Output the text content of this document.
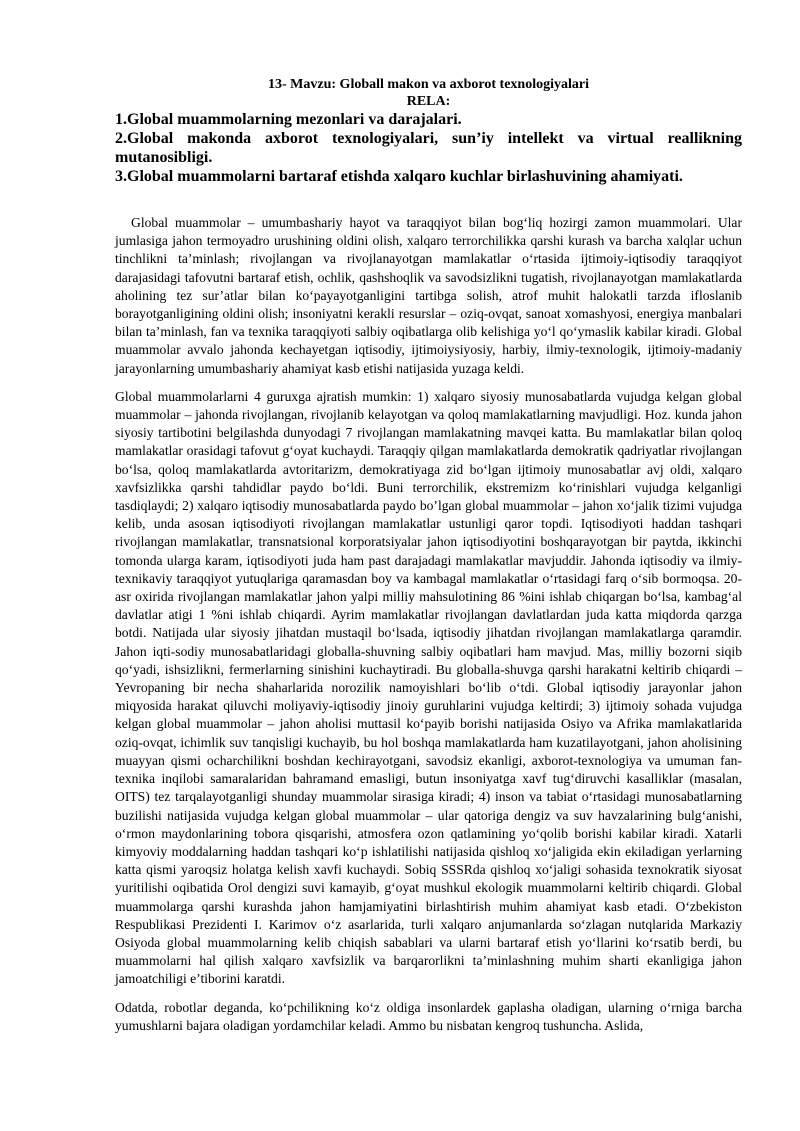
13- Mavzu: Globall makon va axborot texnologiyalari

RELA:

1.Global muammolarning mezonlari va darajalari.

2.Global makonda axborot texnologiyalari, sun’iy intellekt va virtual reallikning mutanosibligi.

3.Global muammolarni bartaraf etishda xalqaro kuchlar birlashuvining ahamiyati.

Global muammolar – umumbashariy hayot va taraqqiyot bilan bog‘liq hozirgi zamon muammolari. Ular jumlasiga jahon termoyadro urushining oldini olish, xalqaro terrorchilikka qarshi kurash va barcha xalqlar uchun tinchlikni ta’minlash; rivojlangan va rivojlanayotgan mamlakatlar o‘rtasida ijtimoiy-iqtisodiy taraqqiyot darajasidagi tafovutni bartaraf etish, ochlik, qashshoqlik va savodsizlikni tugatish, rivojlanayotgan mamlakatlarda aholining tez sur’atlar bilan ko‘payayotganligini tartibga solish, atrof muhit halokatli tarzda ifloslanib borayotganligining oldini olish; insoniyatni kerakli resurslar – oziq-ovqat, sanoat xomashyosi, energiya manbalari bilan ta’minlash, fan va texnika taraqqiyoti salbiy oqibatlarga olib kelishiga yo‘l qo‘ymaslik kabilar kiradi. Global muammolar avvalo jahonda kechayetgan iqtisodiy, ijtimoiysiyosiy, harbiy, ilmiy-texnologik, ijtimoiy-madaniy jarayonlarning umumbashariy ahamiyat kasb etishi natijasida yuzaga keldi.

Global muammolarlarni 4 guruxga ajratish mumkin: 1) xalqaro siyosiy munosabatlarda vujudga kelgan global muammolar – jahonda rivojlangan, rivojlanib kelayotgan va qoloq mamlakatlarning mavjudligi. Hoz. kunda jahon siyosiy tartibotini belgilashda dunyodagi 7 rivojlangan mamlakatning mavqei katta. Bu mamlakatlar bilan qoloq mamlakatlar orasidagi tafovut g‘oyat kuchaydi. Taraqqiy qilgan mamlakatlarda demokratik qadriyatlar rivojlangan bo‘lsa, qoloq mamlakatlarda avtoritarizm, demokratiyaga zid bo‘lgan ijtimoiy munosabatlar avj oldi, xalqaro xavfsizlikka qarshi tahdidlar paydo bo‘ldi. Buni terrorchilik, ekstremizm ko‘rinishlari vujudga kelganligi tasdiqlaydi; 2) xalqaro iqtisodiy munosabatlarda paydo bo’lgan global muammolar – jahon xo‘jalik tizimi vujudga kelib, unda asosan iqtisodiyoti rivojlangan mamlakatlar ustunligi qaror topdi. Iqtisodiyoti haddan tashqari rivojlangan mamlakatlar, transnatsional korporatsiyalar jahon iqtisodiyotini boshqarayotgan bir paytda, ikkinchi tomonda ularga karam, iqtisodiyoti juda ham past darajadagi mamlakatlar mavjuddir. Jahonda iqtisodiy va ilmiy-texnikaviy taraqqiyot yutuqlariga qaramasdan boy va kambagal mamlakatlar o‘rtasidagi farq o‘sib bormoqsa. 20-asr oxirida rivojlangan mamlakatlar jahon yalpi milliy mahsulotining 86 %ini ishlab chiqargan bo‘lsa, kambag‘al davlatlar atigi 1 %ni ishlab chiqardi. Ayrim mamlakatlar rivojlangan davlatlardan juda katta miqdorda qarzga botdi. Natijada ular siyosiy jihatdan mustaqil bo‘lsada, iqtisodiy jihatdan rivojlangan mamlakatlarga qaramdir. Jahon iqti-sodiy munosabatlaridagi globalla-shuvning salbiy oqibatlari ham mavjud. Mas, milliy bozorni siqib qo‘yadi, ishsizlikni, fermerlarning sinishini kuchaytiradi. Bu globalla-shuvga qarshi harakatni keltirib chiqardi – Yevropaning bir necha shaharlarida norozilik namoyishlari bo‘lib o‘tdi. Global iqtisodiy jarayonlar jahon miqyosida harakat qiluvchi moliyaviy-iqtisodiy jinoiy guruhlarini vujudga keltirdi; 3) ijtimoiy sohada vujudga kelgan global muammolar – jahon aholisi muttasil ko‘payib borishi natijasida Osiyo va Afrika mamlakatlarida oziq-ovqat, ichimlik suv tanqisligi kuchayib, bu hol boshqa mamlakatlarda ham kuzatilayotgani, jahon aholisining muayyan qismi ocharchilikni boshdan kechirayotgani, savodsiz ekanligi, axborot-texnologiya va umuman fan-texnika inqilobi samaralaridan bahramand emasligi, butun insoniyatga xavf tug‘diruvchi kasalliklar (masalan, OITS) tez tarqalayotganligi shunday muammolar sirasiga kiradi; 4) inson va tabiat o‘rtasidagi munosabatlarning buzilishi natijasida vujudga kelgan global muammolar – ular qatoriga dengiz va suv havzalarining bulg‘anishi, o‘rmon maydonlarining tobora qisqarishi, atmosfera ozon qatlamining yo‘qolib borishi kabilar kiradi. Xatarli kimyoviy moddalarning haddan tashqari ko‘p ishlatilishi natijasida qishloq xo‘jaligida ekin ekiladigan yerlarning katta qismi yaroqsiz holatga kelish xavfi kuchaydi. Sobiq SSSRda qishloq xo‘jaligi sohasida texnokratik siyosat yuritilishi oqibatida Orol dengizi suvi kamayib, g‘oyat mushkul ekologik muammolarni keltirib chiqardi. Global muammolarga qarshi kurashda jahon hamjamiyatini birlashtirish muhim ahamiyat kasb etadi. O‘zbekiston Respublikasi Prezidenti I. Karimov o‘z asarlarida, turli xalqaro anjumanlarda so‘zlagan nutqlarida Markaziy Osiyoda global muammolarning kelib chiqish sabablari va ularni bartaraf etish yo‘llarini ko‘rsatib berdi, bu muammolarni hal qilish xalqaro xavfsizlik va barqarorlikni ta’minlashning muhim sharti ekanligiga jahon jamoatchiligi e’tiborini karatdi.

Odatda, robotlar deganda, ko‘pchilikning ko‘z oldiga insonlardek gaplasha oladigan, ularning o‘rniga barcha yumushlarni bajara oladigan yordamchilar keladi. Ammo bu nisbatan kengroq tushuncha. Aslida,
